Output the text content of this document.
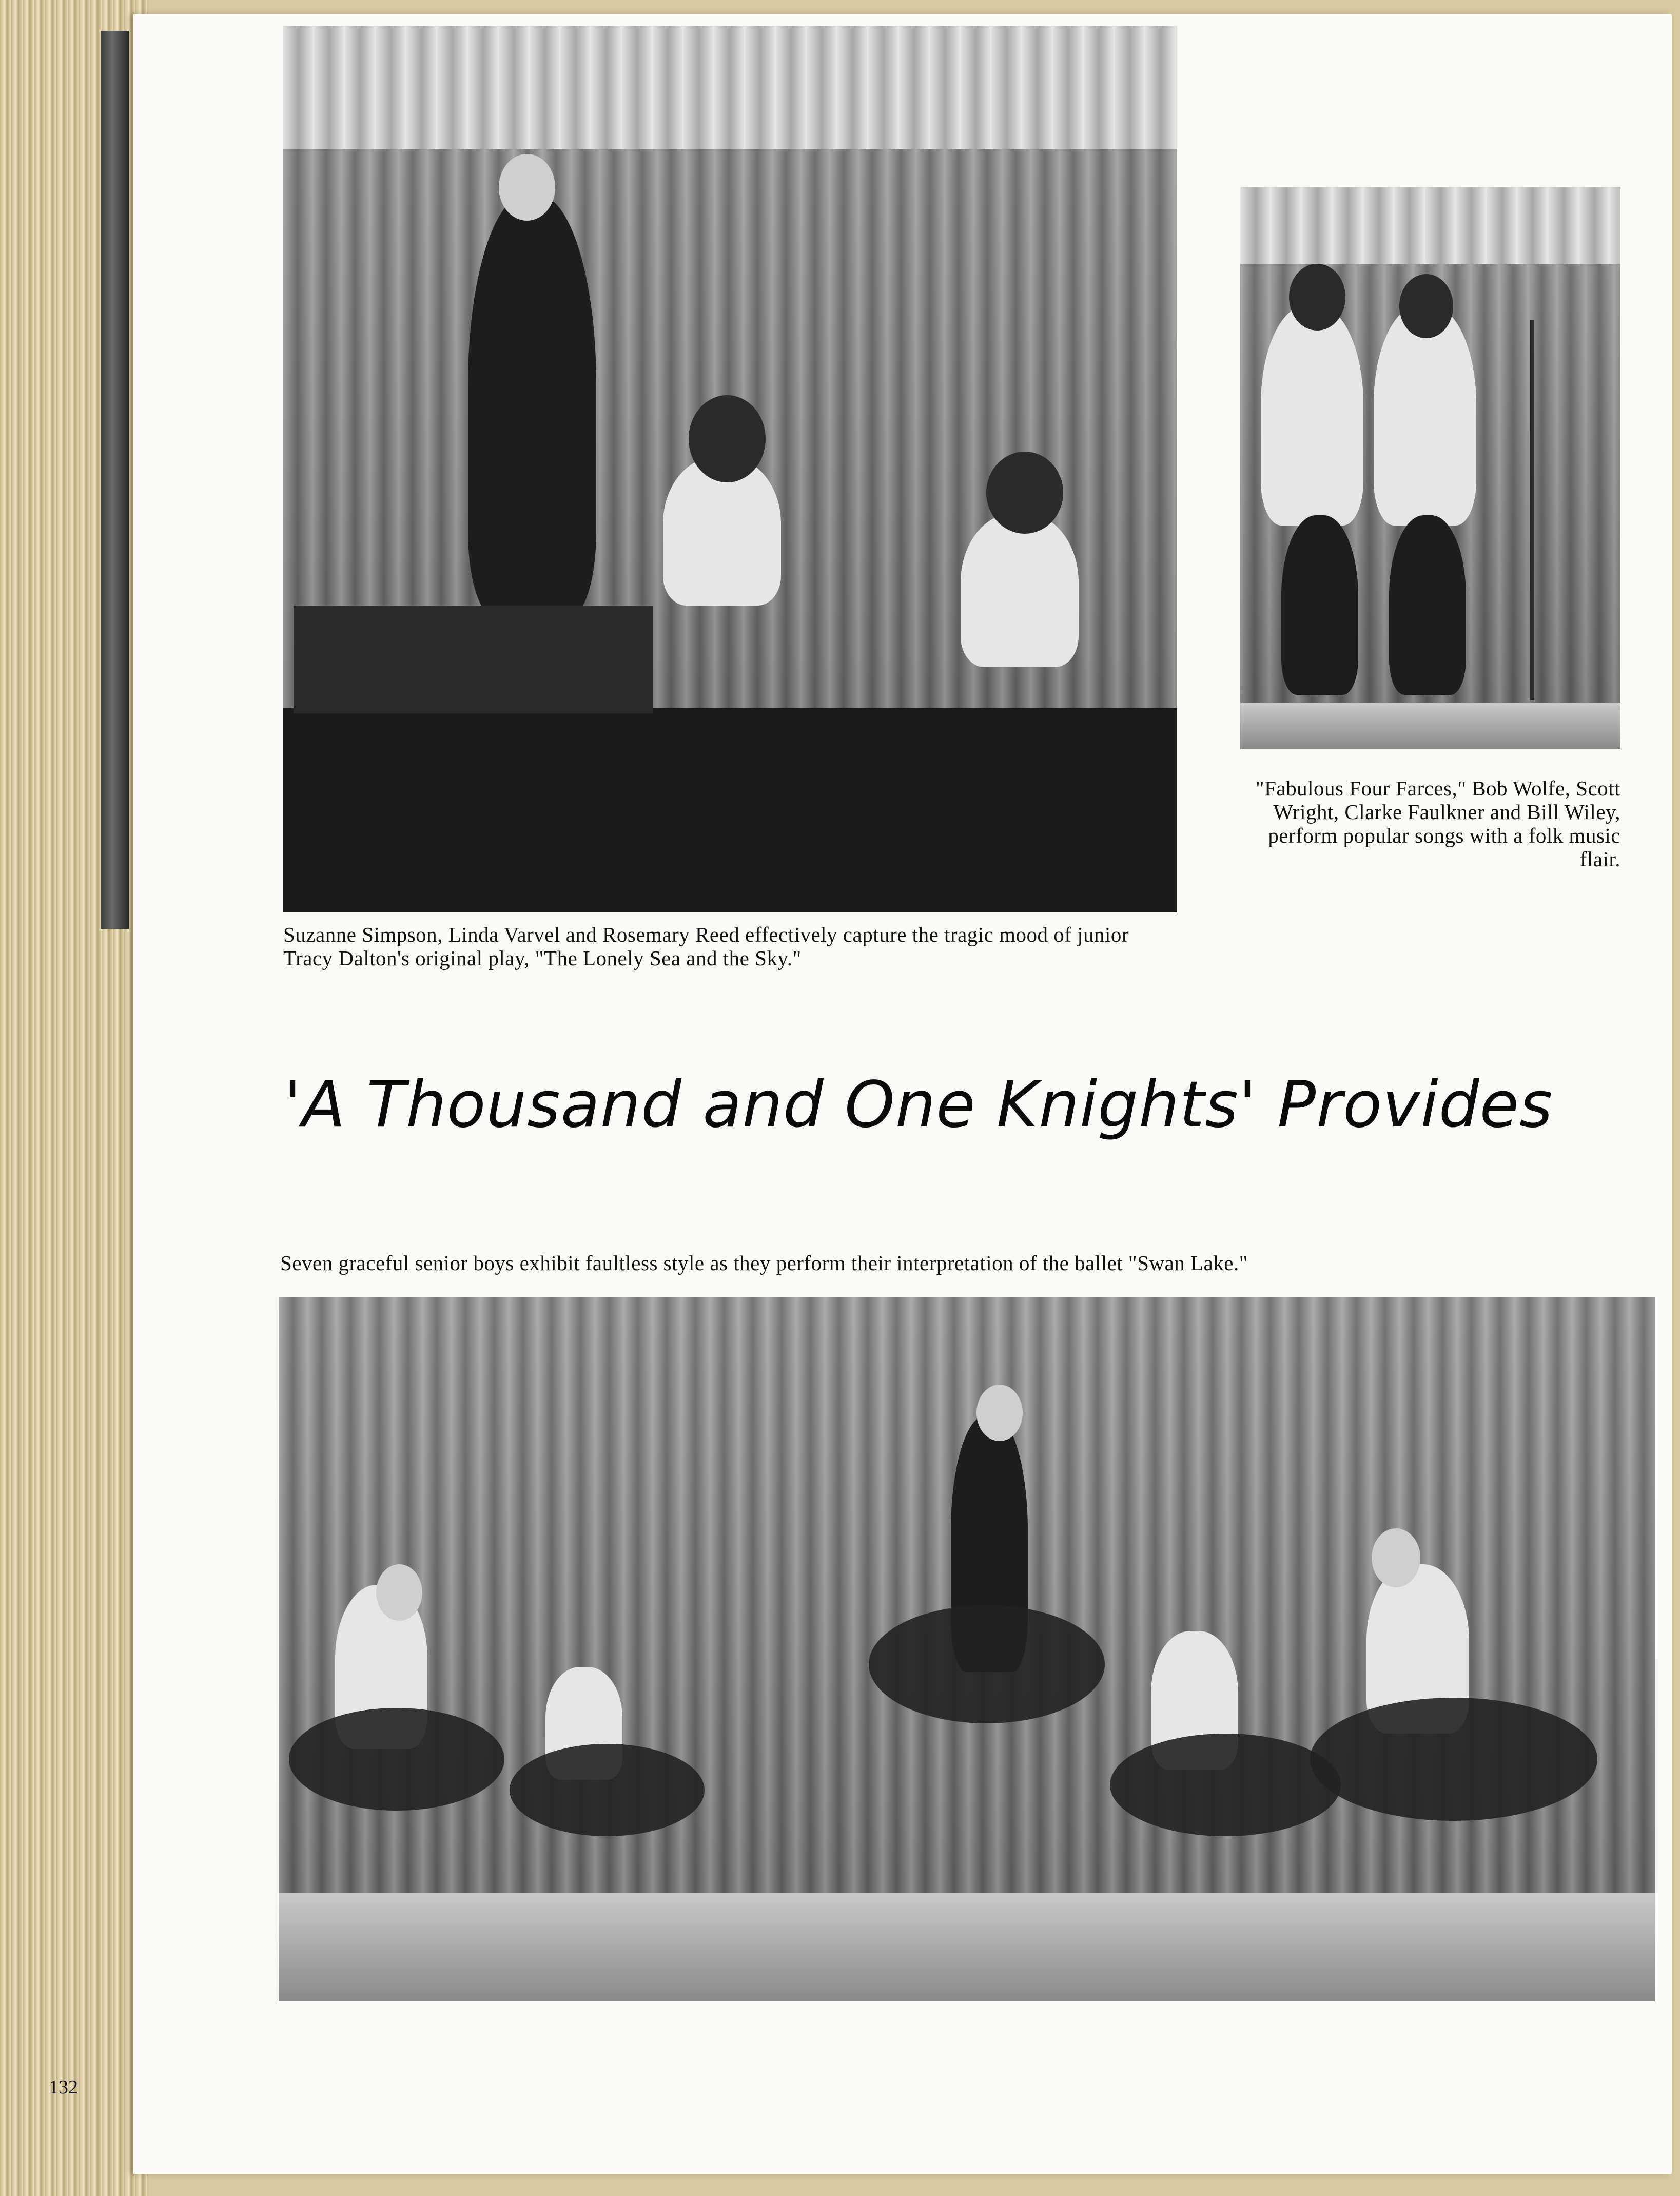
Suzanne Simpson, Linda Varvel and Rosemary Reed effectively capture the tragic mood of junior Tracy Dalton's original play, "The Lonely Sea and the Sky."
"Fabulous Four Farces," Bob Wolfe, Scott Wright, Clarke Faulkner and Bill Wiley, perform popular songs with a folk music flair.
'A Thousand and One Knights' Provides
Seven graceful senior boys exhibit faultless style as they perform their interpretation of the ballet "Swan Lake."
132
